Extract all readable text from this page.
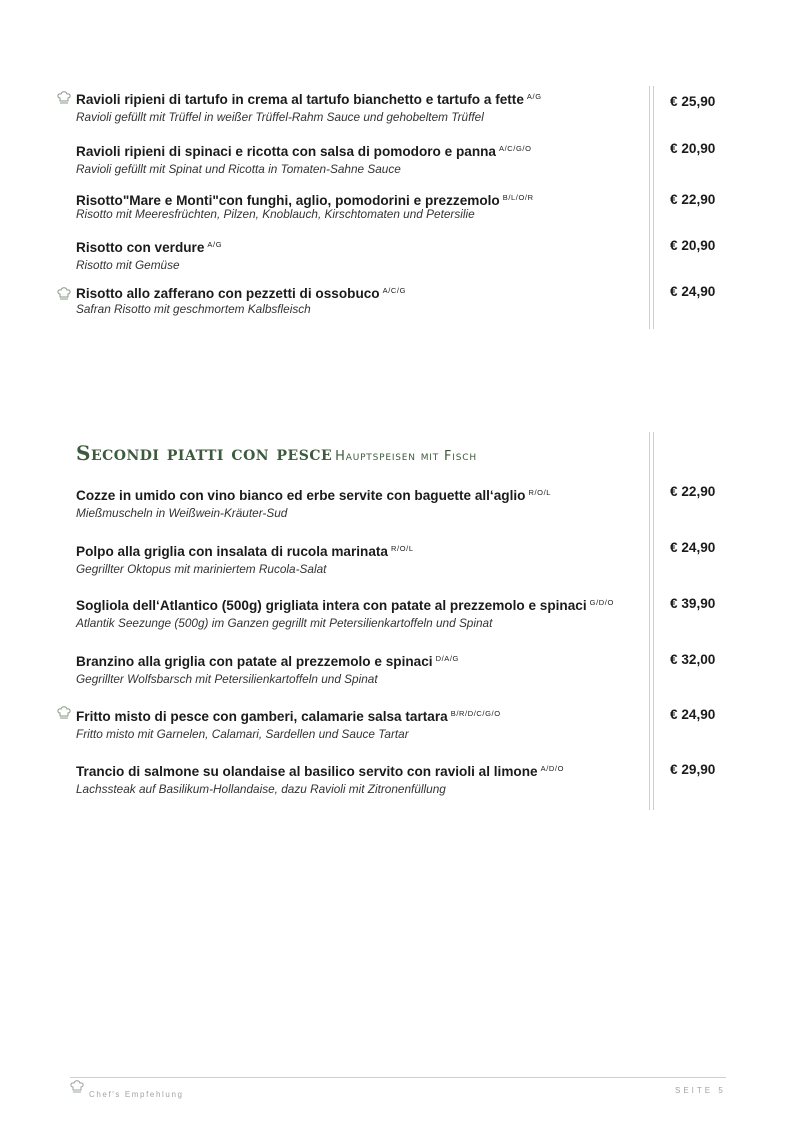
Ravioli ripieni di tartufo in crema al tartufo bianchetto e tartufo a fette $^{A/G}$
Ravioli gefüllt mit Trüffel in weißer Trüffel-Rahm Sauce und gehobeltem Trüffel
€ 25,90
Ravioli ripieni di spinaci e ricotta con salsa di pomodoro e panna $^{A/C/G/O}$
Ravioli gefüllt mit Spinat und Ricotta in Tomaten-Sahne Sauce
€ 20,90
Risotto"Mare e Monti"con funghi, aglio, pomodorini e prezzemolo $^{B/L/O/R}$
Risotto mit Meeresfrüchten, Pilzen, Knoblauch, Kirschtomaten und Petersilie
€ 22,90
Risotto con verdure $^{A/G}$
Risotto mit Gemüse
€ 20,90
Risotto allo zafferano con pezzetti di ossobuco $^{A/C/G}$
Safran Risotto mit geschmortem Kalbsfleisch
€ 24,90
Secondi piatti con pesce Hauptspeisen mit Fisch
Cozze in umido con vino bianco ed erbe servite con baguette all‘aglio $^{R/O/L}$
Mießmuscheln in Weißwein-Kräuter-Sud
€ 22,90
Polpo alla griglia con insalata di rucola marinata $^{R/O/L}$
Gegrillter Oktopus mit mariniertem Rucola-Salat
€ 24,90
Sogliola dell‘Atlantico (500g) grigliata intera con patate al prezzemolo e spinaci $^{G/D/O}$
Atlantik Seezunge (500g) im Ganzen gegrillt mit Petersilienkartoffeln und Spinat
€ 39,90
Branzino alla griglia con patate al prezzemolo e spinaci $^{D/A/G}$
Gegrillter Wolfsbarsch mit Petersilienkartoffeln und Spinat
€ 32,00
Fritto misto di pesce con gamberi, calamarie salsa tartara $^{B/R/D/C/G/O}$
Fritto misto mit Garnelen, Calamari, Sardellen und Sauce Tartar
€ 24,90
Trancio di salmone su olandaise al basilico servito con ravioli al limone $^{A/D/O}$
Lachssteak auf Basilikum-Hollandaise, dazu Ravioli mit Zitronenfüllung
€ 29,90
Chef's Empfehlung	SEITE 5
